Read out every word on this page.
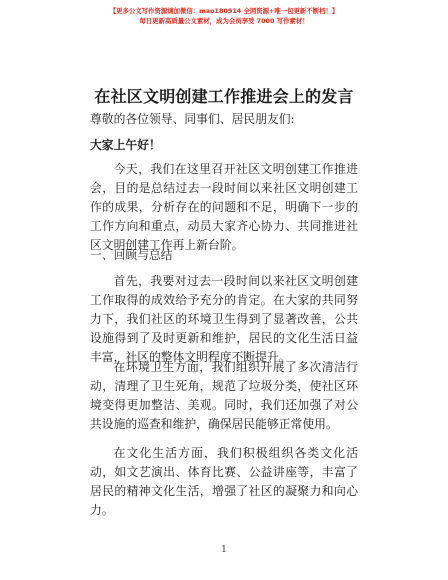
【更多公文写作资源请加微信：mao180914 全网资源+唯一包更新不断档！】
每日更新高质量公文素材，成为会员享受 7000 写作素材！
在社区文明创建工作推进会上的发言
尊敬的各位领导、同事们、居民朋友们:
大家上午好！
今天，我们在这里召开社区文明创建工作推进会，目的是总结过去一段时间以来社区文明创建工作的成果，分析存在的问题和不足，明确下一步的工作方向和重点，动员大家齐心协力、共同推进社区文明创建工作再上新台阶。
一、回顾与总结
首先，我要对过去一段时间以来社区文明创建工作取得的成效给予充分的肯定。在大家的共同努力下，我们社区的环境卫生得到了显著改善，公共设施得到了及时更新和维护，居民的文化生活日益丰富，社区的整体文明程度不断提升。
在环境卫生方面，我们组织开展了多次清洁行动，清理了卫生死角，规范了垃圾分类，使社区环境变得更加整洁、美观。同时，我们还加强了对公共设施的巡查和维护，确保居民能够正常使用。
在文化生活方面，我们积极组织各类文化活动，如文艺演出、体育比赛、公益讲座等，丰富了居民的精神文化生活，增强了社区的凝聚力和向心力。
1
